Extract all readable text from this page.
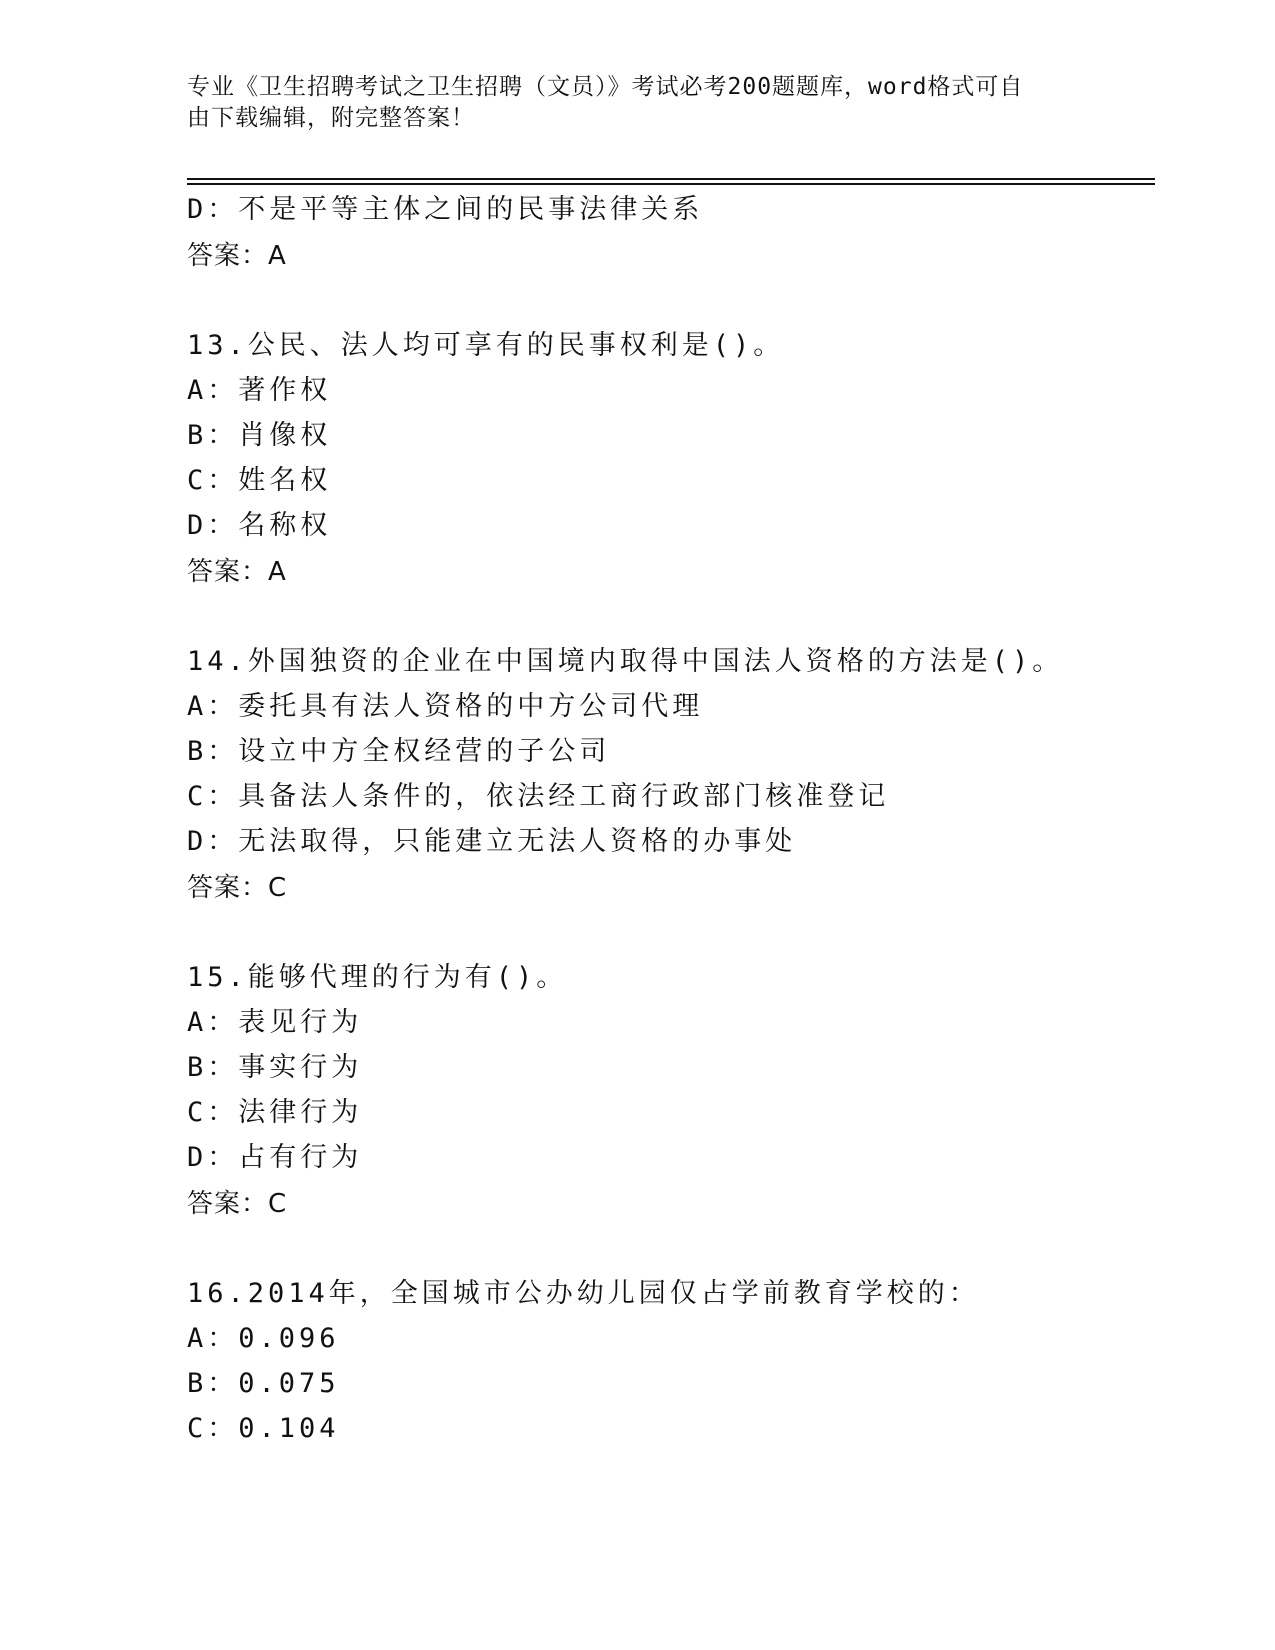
专业《卫生招聘考试之卫生招聘（文员）》考试必考200题题库，word格式可自
由下载编辑，附完整答案！
D：不是平等主体之间的民事法律关系
答案：A
13.公民、法人均可享有的民事权利是()。
A：著作权
B：肖像权
C：姓名权
D：名称权
答案：A
14.外国独资的企业在中国境内取得中国法人资格的方法是()。
A：委托具有法人资格的中方公司代理
B：设立中方全权经营的子公司
C：具备法人条件的，依法经工商行政部门核准登记
D：无法取得，只能建立无法人资格的办事处
答案：C
15.能够代理的行为有()。
A：表见行为
B：事实行为
C：法律行为
D：占有行为
答案：C
16.2014年，全国城市公办幼儿园仅占学前教育学校的：
A：0.096
B：0.075
C：0.104
